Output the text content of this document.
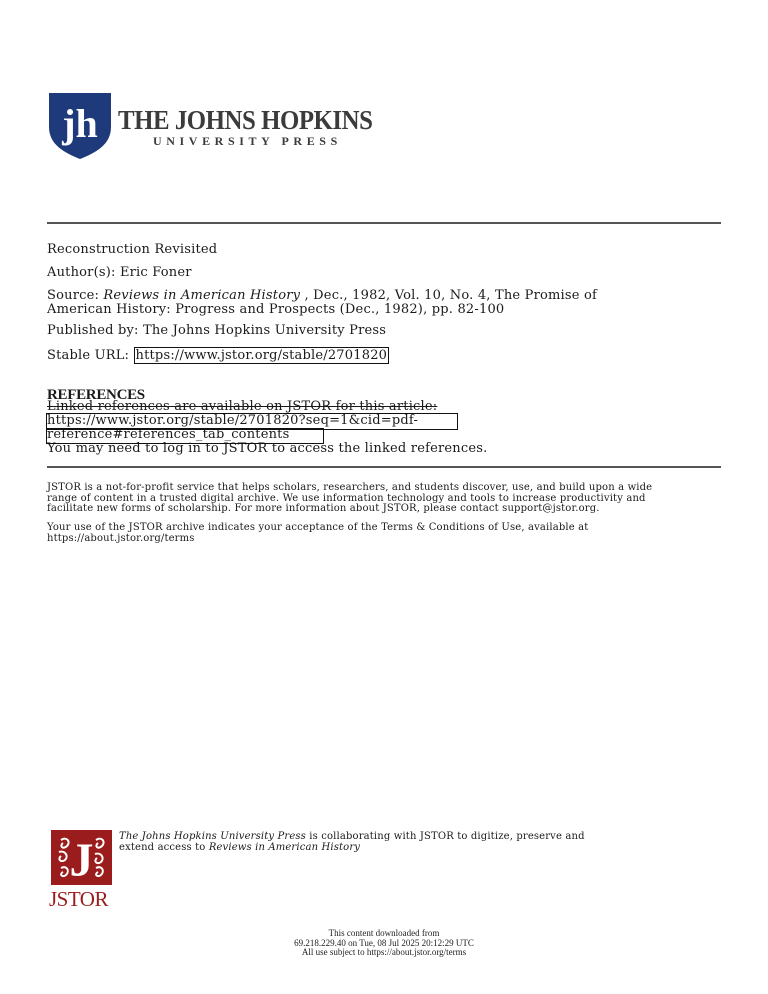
jh THE JOHNS HOPKINS
UNIVERSITY PRESS
Reconstruction Revisited
Author(s): Eric Foner
Source: Reviews in American History , Dec., 1982, Vol. 10, No. 4, The Promise of
American History: Progress and Prospects (Dec., 1982), pp. 82-100
Published by: The Johns Hopkins University Press
Stable URL: https://www.jstor.org/stable/2701820
REFERENCES
Linked references are available on JSTOR for this article:
https://www.jstor.org/stable/2701820?seq=1&cid=pdf-
reference#references_tab_contents
You may need to log in to JSTOR to access the linked references.
JSTOR is a not-for-profit service that helps scholars, researchers, and students discover, use, and build upon a wide
range of content in a trusted digital archive. We use information technology and tools to increase productivity and
facilitate new forms of scholarship. For more information about JSTOR, please contact support@jstor.org.
Your use of the JSTOR archive indicates your acceptance of the Terms & Conditions of Use, available at
https://about.jstor.org/terms
J
JSTOR
The Johns Hopkins University Press is collaborating with JSTOR to digitize, preserve and
extend access to Reviews in American History
This content downloaded from
69.218.229.40 on Tue, 08 Jul 2025 20:12:29 UTC
All use subject to https://about.jstor.org/terms
